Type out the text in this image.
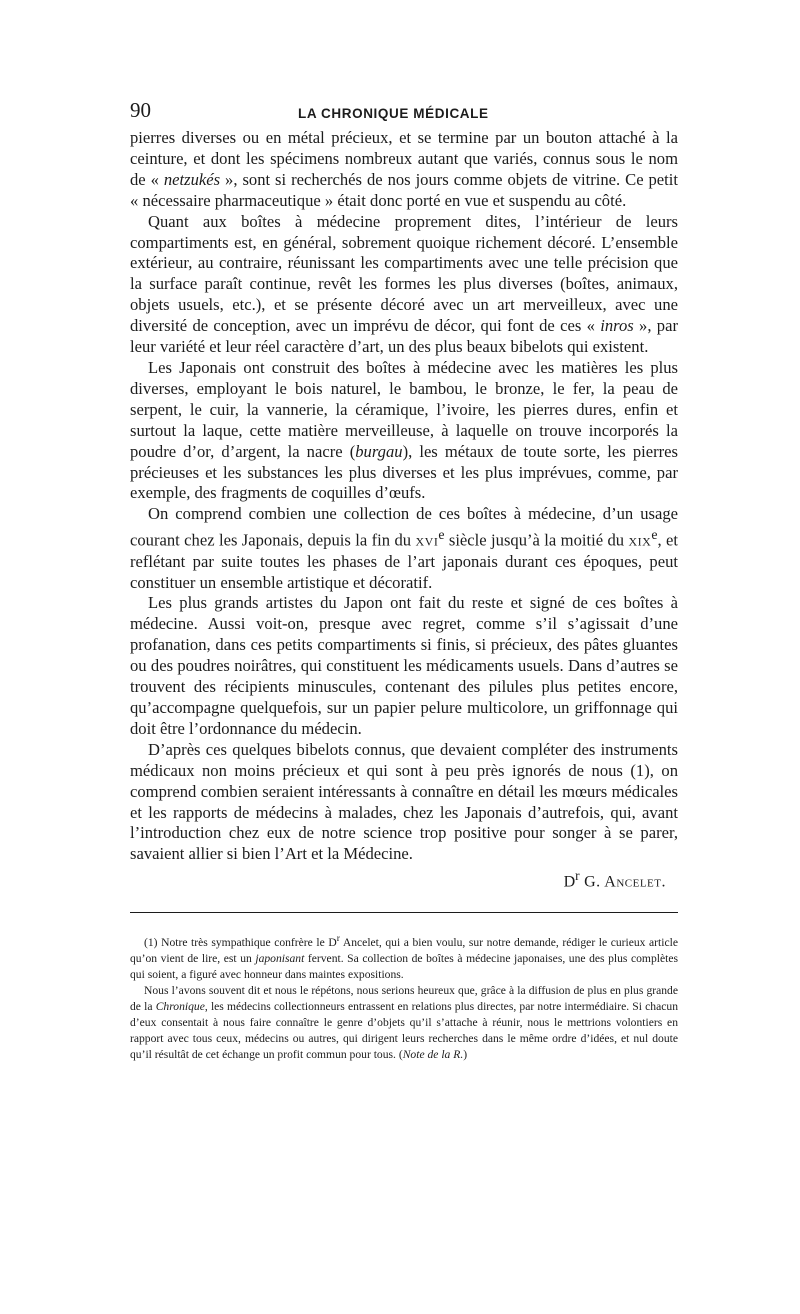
90	LA CHRONIQUE MÉDICALE

pierres diverses ou en métal précieux, et se termine par un bouton attaché à la ceinture, et dont les spécimens nombreux autant que variés, connus sous le nom de « netzukés », sont si recherchés de nos jours comme objets de vitrine. Ce petit « nécessaire pharmaceutique » était donc porté en vue et suspendu au côté.

Quant aux boîtes à médecine proprement dites, l’intérieur de leurs compartiments est, en général, sobrement quoique richement décoré. L’ensemble extérieur, au contraire, réunissant les compartiments avec une telle précision que la surface paraît continue, revêt les formes les plus diverses (boîtes, animaux, objets usuels, etc.), et se présente décoré avec un art merveilleux, avec une diversité de conception, avec un imprévu de décor, qui font de ces « inros », par leur variété et leur réel caractère d’art, un des plus beaux bibelots qui existent.

Les Japonais ont construit des boîtes à médecine avec les matières les plus diverses, employant le bois naturel, le bambou, le bronze, le fer, la peau de serpent, le cuir, la vannerie, la céramique, l’ivoire, les pierres dures, enfin et surtout la laque, cette matière merveilleuse, à laquelle on trouve incorporés la poudre d’or, d’argent, la nacre (burgau), les métaux de toute sorte, les pierres précieuses et les substances les plus diverses et les plus imprévues, comme, par exemple, des fragments de coquilles d’œufs.

On comprend combien une collection de ces boîtes à médecine, d’un usage courant chez les Japonais, depuis la fin du xvi$^e$ siècle jusqu’à la moitié du xix$^e$, et reflétant par suite toutes les phases de l’art japonais durant ces époques, peut constituer un ensemble artistique et décoratif.

Les plus grands artistes du Japon ont fait du reste et signé de ces boîtes à médecine. Aussi voit-on, presque avec regret, comme s’il s’agissait d’une profanation, dans ces petits compartiments si finis, si précieux, des pâtes gluantes ou des poudres noirâtres, qui constituent les médicaments usuels. Dans d’autres se trouvent des récipients minuscules, contenant des pilules plus petites encore, qu’accompagne quelquefois, sur un papier pelure multicolore, un griffonnage qui doit être l’ordonnance du médecin.

D’après ces quelques bibelots connus, que devaient compléter des instruments médicaux non moins précieux et qui sont à peu près ignorés de nous (1), on comprend combien seraient intéressants à connaître en détail les mœurs médicales et les rapports de médecins à malades, chez les Japonais d’autrefois, qui, avant l’introduction chez eux de notre science trop positive pour songer à se parer, savaient allier si bien l’Art et la Médecine.

$D^r$ G. Ancelet.

(1) Notre très sympathique confrère le $D^r$ Ancelet, qui a bien voulu, sur notre demande, rédiger le curieux article qu’on vient de lire, est un japonisant fervent. Sa collection de boîtes à médecine japonaises, une des plus complètes qui soient, a figuré avec honneur dans maintes expositions.

Nous l’avons souvent dit et nous le répétons, nous serions heureux que, grâce à la diffusion de plus en plus grande de la Chronique, les médecins collectionneurs entrassent en relations plus directes, par notre intermédiaire. Si chacun d’eux consentait à nous faire connaître le genre d’objets qu’il s’attache à réunir, nous le mettrions volontiers en rapport avec tous ceux, médecins ou autres, qui dirigent leurs recherches dans le même ordre d’idées, et nul doute qu’il résultât de cet échange un profit commun pour tous. (Note de la R.)
